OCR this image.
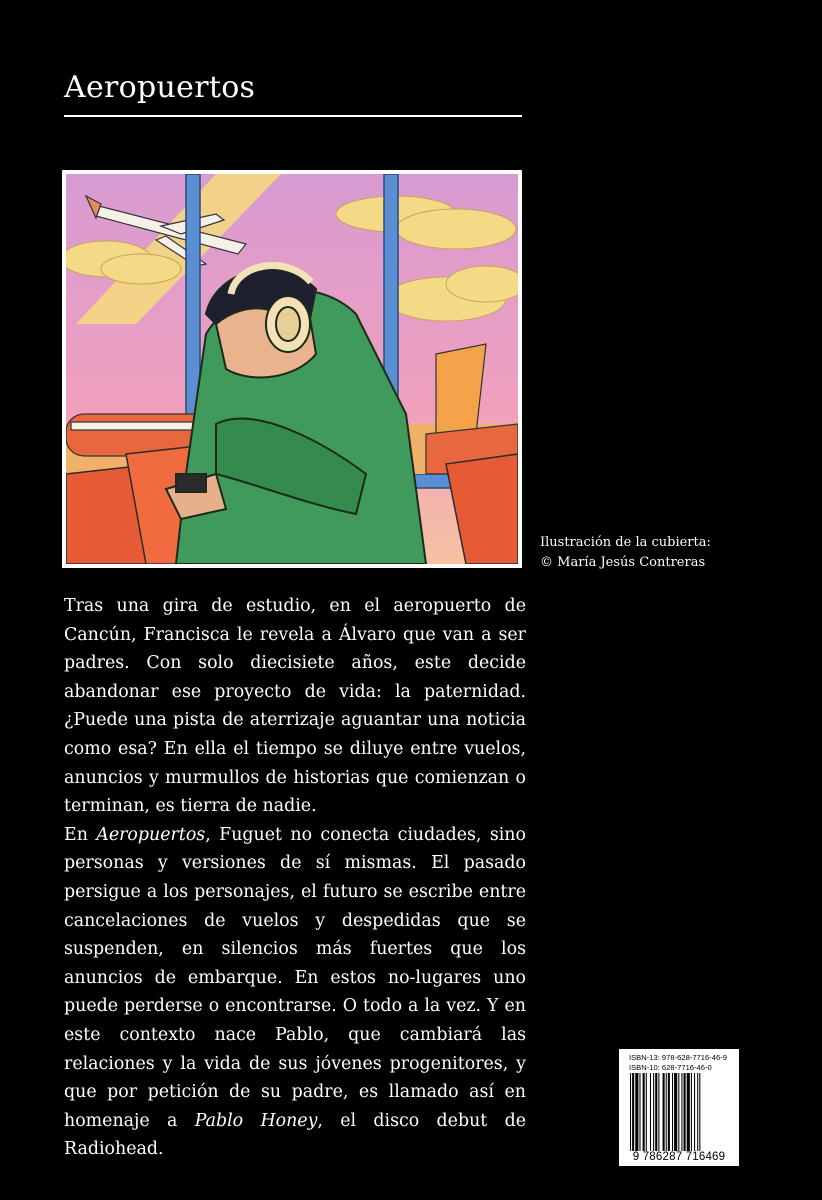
Aeropuertos
Ilustración de la cubierta:
© María Jesús Contreras

Tras una gira de estudio, en el aeropuerto de Cancún, Francisca le revela a Álvaro que van a ser padres. Con solo diecisiete años, este decide abandonar ese proyecto de vida: la paternidad. ¿Puede una pista de aterrizaje aguantar una noticia como esa? En ella el tiempo se diluye entre vuelos, anuncios y murmullos de historias que comienzan o terminan, es tierra de nadie.

En Aeropuertos, Fuguet no conecta ciudades, sino personas y versiones de sí mismas. El pasado persigue a los personajes, el futuro se escribe entre cancelaciones de vuelos y despedidas que se suspenden, en silencios más fuertes que los anuncios de embarque. En estos no-lugares uno puede perderse o encontrarse. O todo a la vez. Y en este contexto nace Pablo, que cambiará las relaciones y la vida de sus jóvenes progenitores, y que por petición de su padre, es llamado así en homenaje a Pablo Honey, el disco debut de Radiohead.

ISBN-13: 978-628-7716-46-9
ISBN-10: 628-7716-46-0
9 786287 716469
